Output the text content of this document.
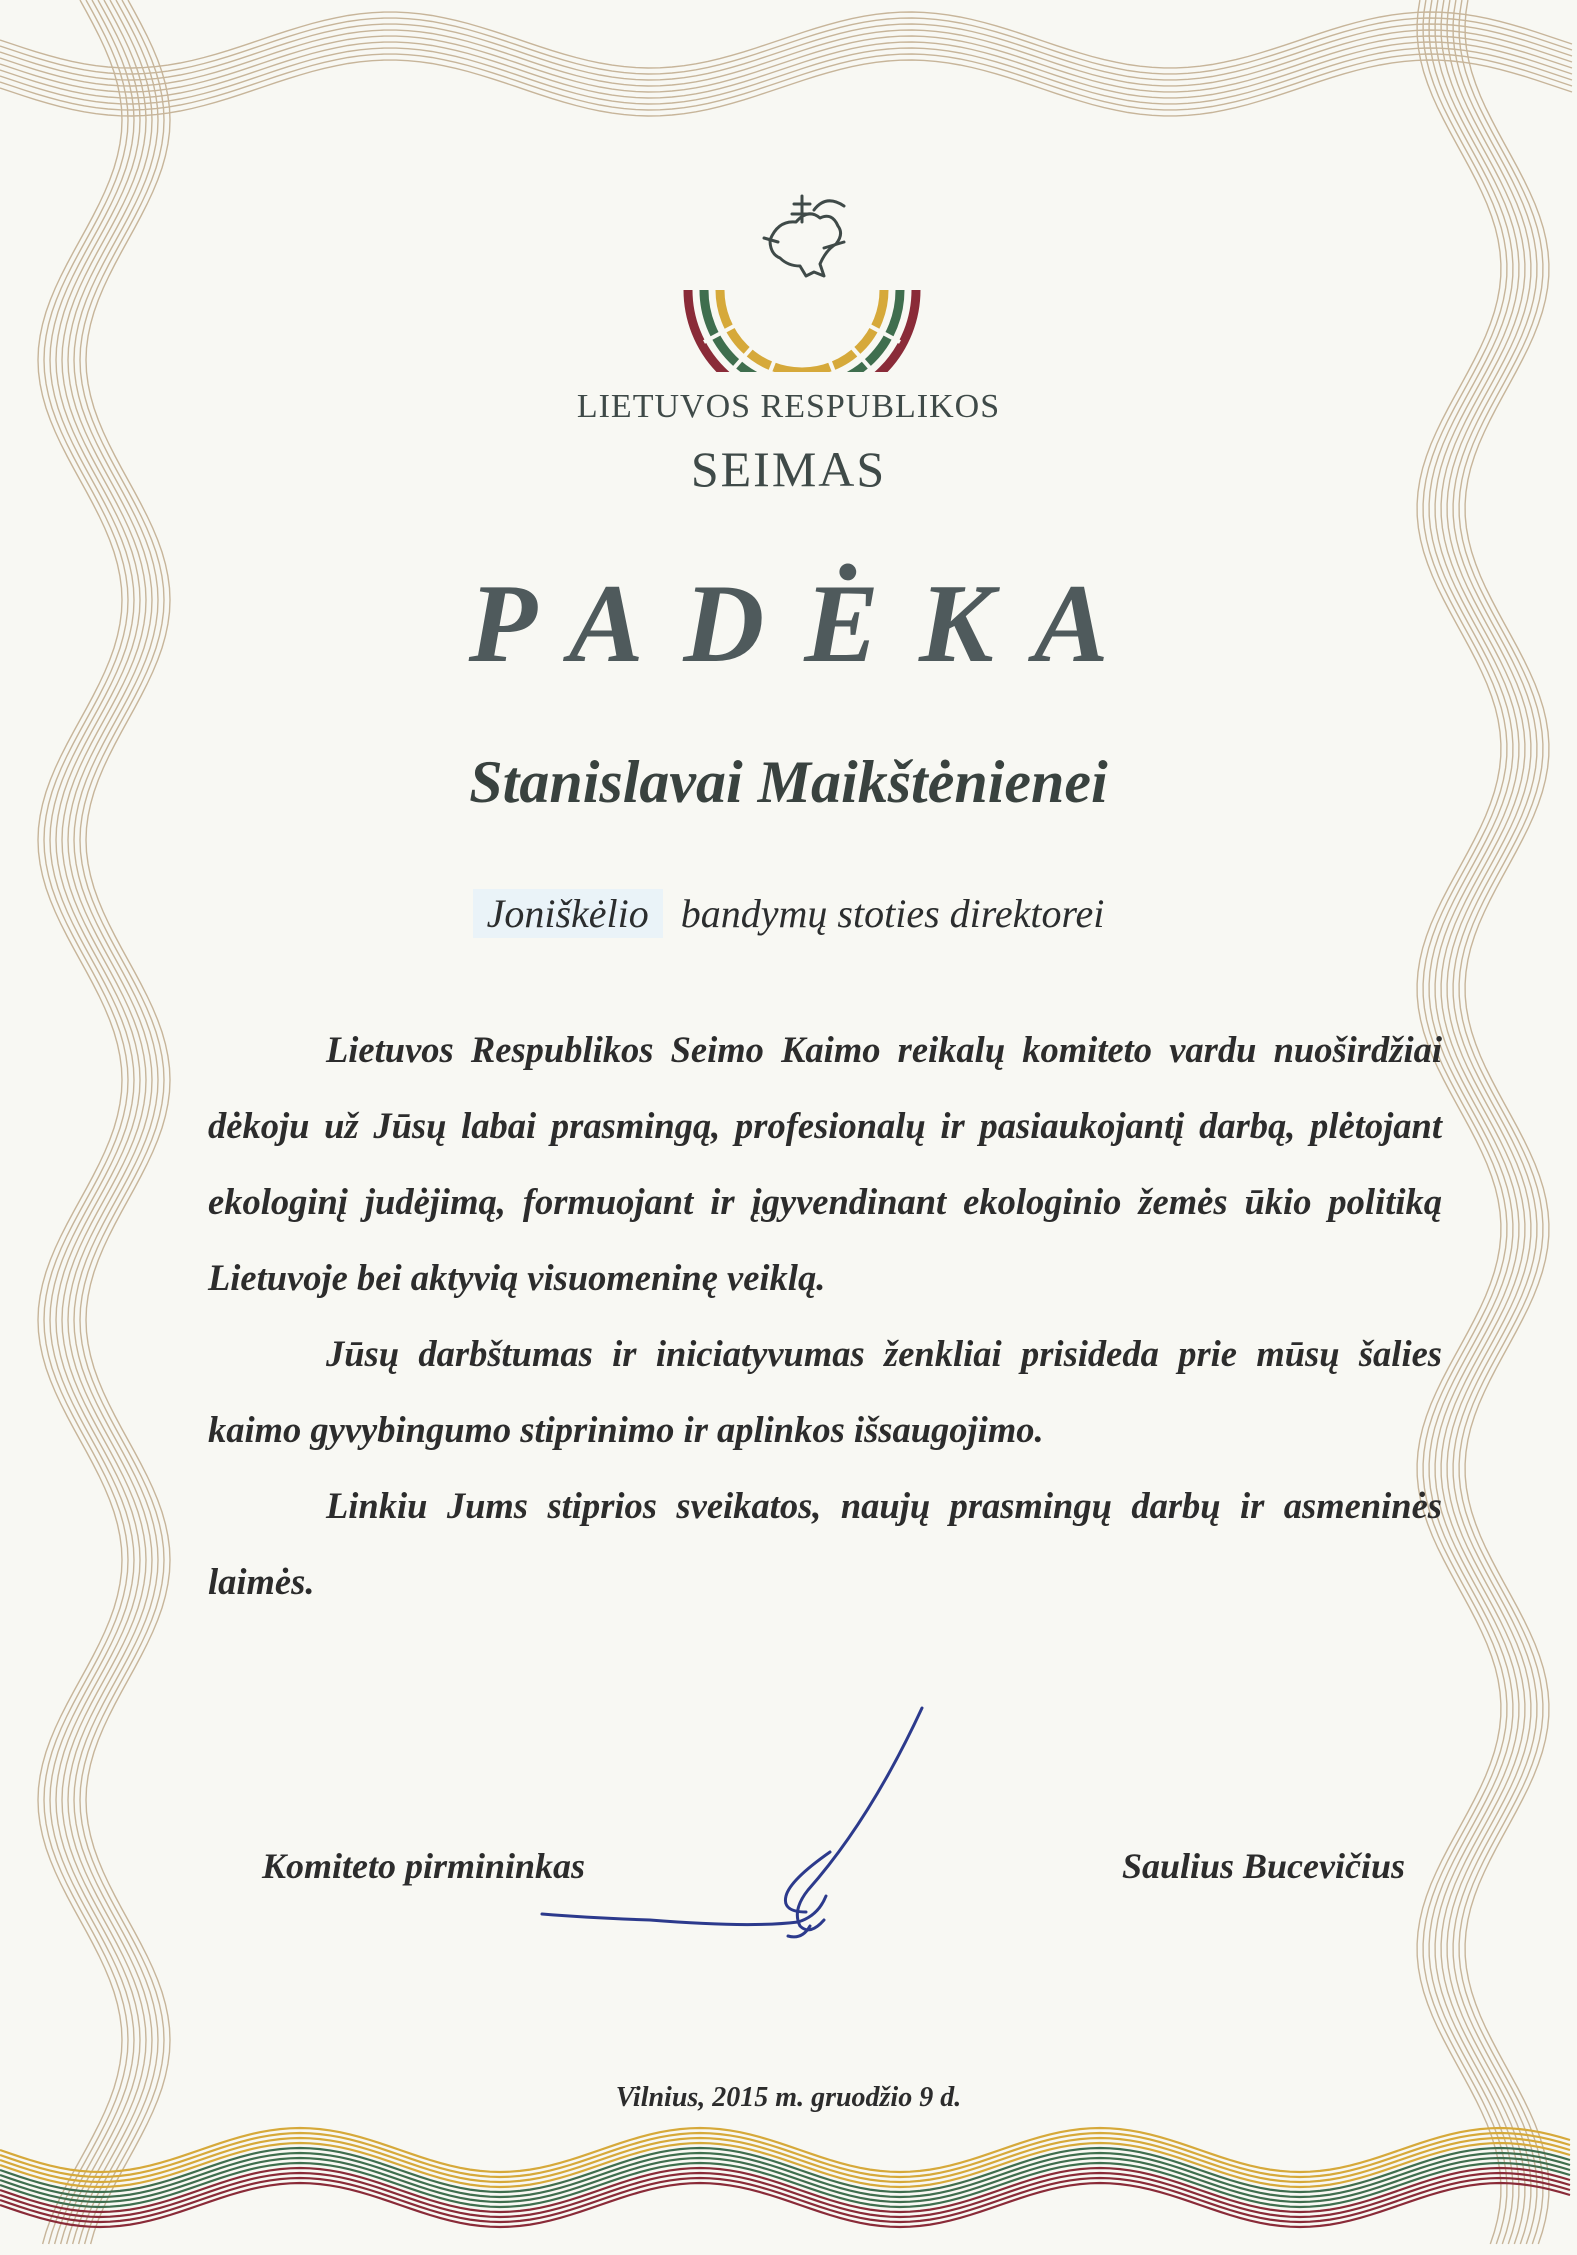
LIETUVOS RESPUBLIKOS
SEIMAS
PADĖKA
Stanislavai Maikštėnienei
Joniškėlio bandymų stoties direktorei

Lietuvos Respublikos Seimo Kaimo reikalų komiteto vardu nuoširdžiai dėkoju už Jūsų labai prasmingą, profesionalų ir pasiaukojantį darbą, plėtojant ekologinį judėjimą, formuojant ir įgyvendinant ekologinio žemės ūkio politiką Lietuvoje bei aktyvią visuomeninę veiklą.

Jūsų darbštumas ir iniciatyvumas ženkliai prisideda prie mūsų šalies kaimo gyvybingumo stiprinimo ir aplinkos išsaugojimo.

Linkiu Jums stiprios sveikatos, naujų prasmingų darbų ir asmeninės laimės.

Komiteto pirmininkas	Saulius Bucevičius
Vilnius, 2015 m. gruodžio 9 d.
